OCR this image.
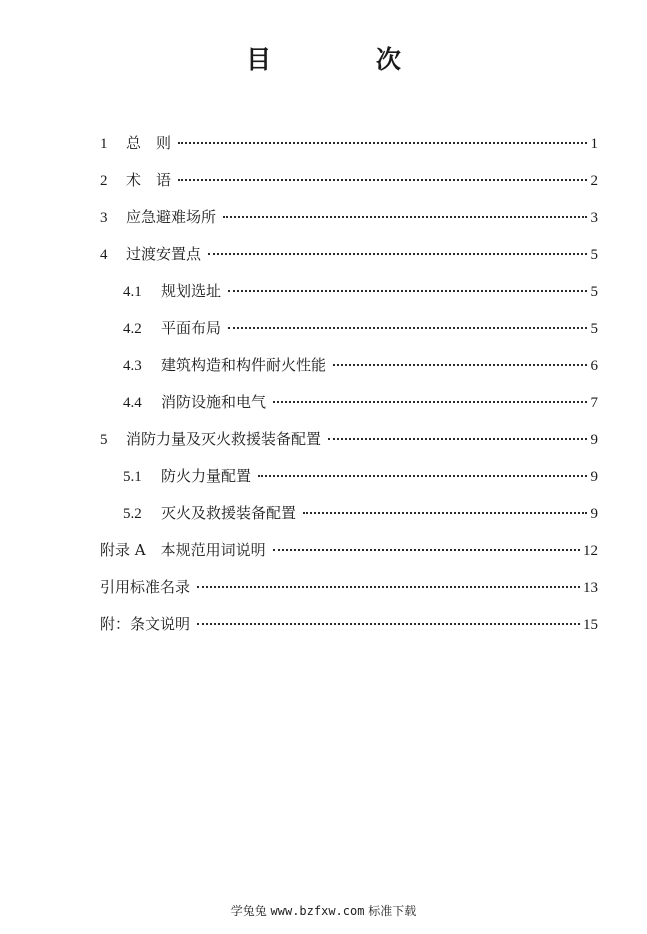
目 次
1	总　则	1
2	术　语	2
3	应急避难场所	3
4	过渡安置点	5
4.1	规划选址	5
4.2	平面布局	5
4.3	建筑构造和构件耐火性能	6
4.4	消防设施和电气	7
5	消防力量及灭火救援装备配置	9
5.1	防火力量配置	9
5.2	灭火及救援装备配置	9
附录 A　本规范用词说明	12
引用标准名录	13
附：条文说明	15
学兔兔 www.bzfxw.com 标准下载
